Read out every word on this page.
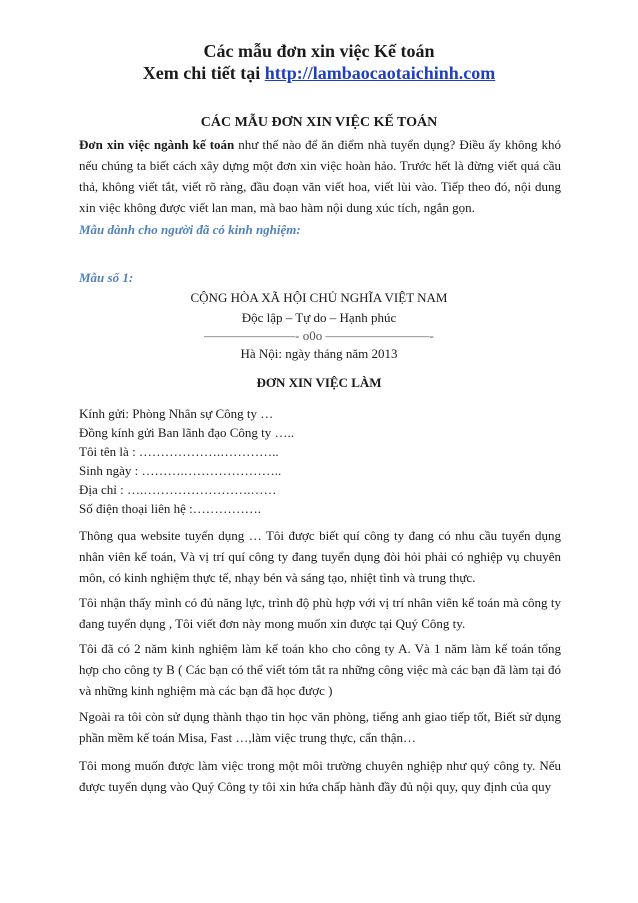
Các mẫu đơn xin việc Kế toán
Xem chi tiết tại http://lambaocaotaichinh.com
CÁC MẪU ĐƠN XIN VIỆC KẾ TOÁN
Đơn xin việc ngành kế toán như thế nào để ăn điểm nhà tuyển dụng? Điều ấy không khó nếu chúng ta biết cách xây dựng một đơn xin việc hoàn hảo. Trước hết là đừng viết quá cầu thả, không viết tắt, viết rõ ràng, đầu đoạn văn viết hoa, viết lùi vào. Tiếp theo đó, nội dung xin việc không được viết lan man, mà bao hàm nội dung xúc tích, ngắn gọn.
Mẫu dành cho người đã có kinh nghiệm:
Mẫu số 1:
CỘNG HÒA XÃ HỘI CHỦ NGHĨA VIỆT NAM
Độc lập – Tự do – Hạnh phúc
———————- o0o ————————-
Hà Nội: ngày tháng năm 2013
ĐƠN XIN VIỆC LÀM
Kính gửi: Phòng Nhân sự Công ty …
Đồng kính gửi Ban lãnh đạo Công ty …..
Tôi tên là : ……………….…………..
Sinh ngày : ……….…………………..
Địa chỉ : ….…………………….……
Số điện thoại liên hệ :…………….
Thông qua website tuyển dụng … Tôi được biết quí công ty đang có nhu cầu tuyển dụng nhân viên kế toán, Và vị trí quí công ty đang tuyển dụng đòi hỏi phải có nghiệp vụ chuyên môn, có kinh nghiệm thực tế, nhạy bén và sáng tạo, nhiệt tình và trung thực.
Tôi nhận thấy mình có đủ năng lực, trình độ phù hợp với vị trí nhân viên kế toán mà công ty đang tuyển dụng , Tôi viết đơn này mong muốn xin được tại Quý Công ty.
Tôi đã có 2 năm kinh nghiệm làm kế toán kho cho công ty A. Và 1 năm làm kế toán tổng hợp cho công ty B ( Các bạn có thể viết tóm tắt ra những công việc mà các bạn đã làm tại đó và những kinh nghiệm mà các bạn đã học được )
Ngoài ra tôi còn sử dụng thành thạo tin học văn phòng, tiếng anh giao tiếp tốt, Biết sử dụng phần mềm kế toán Misa, Fast …,làm việc trung thực, cẩn thận…
Tôi mong muốn được làm việc trong một môi trường chuyên nghiệp như quý công ty. Nếu được tuyển dụng vào Quý Công ty tôi xin hứa chấp hành đầy đủ nội quy, quy định của quy
